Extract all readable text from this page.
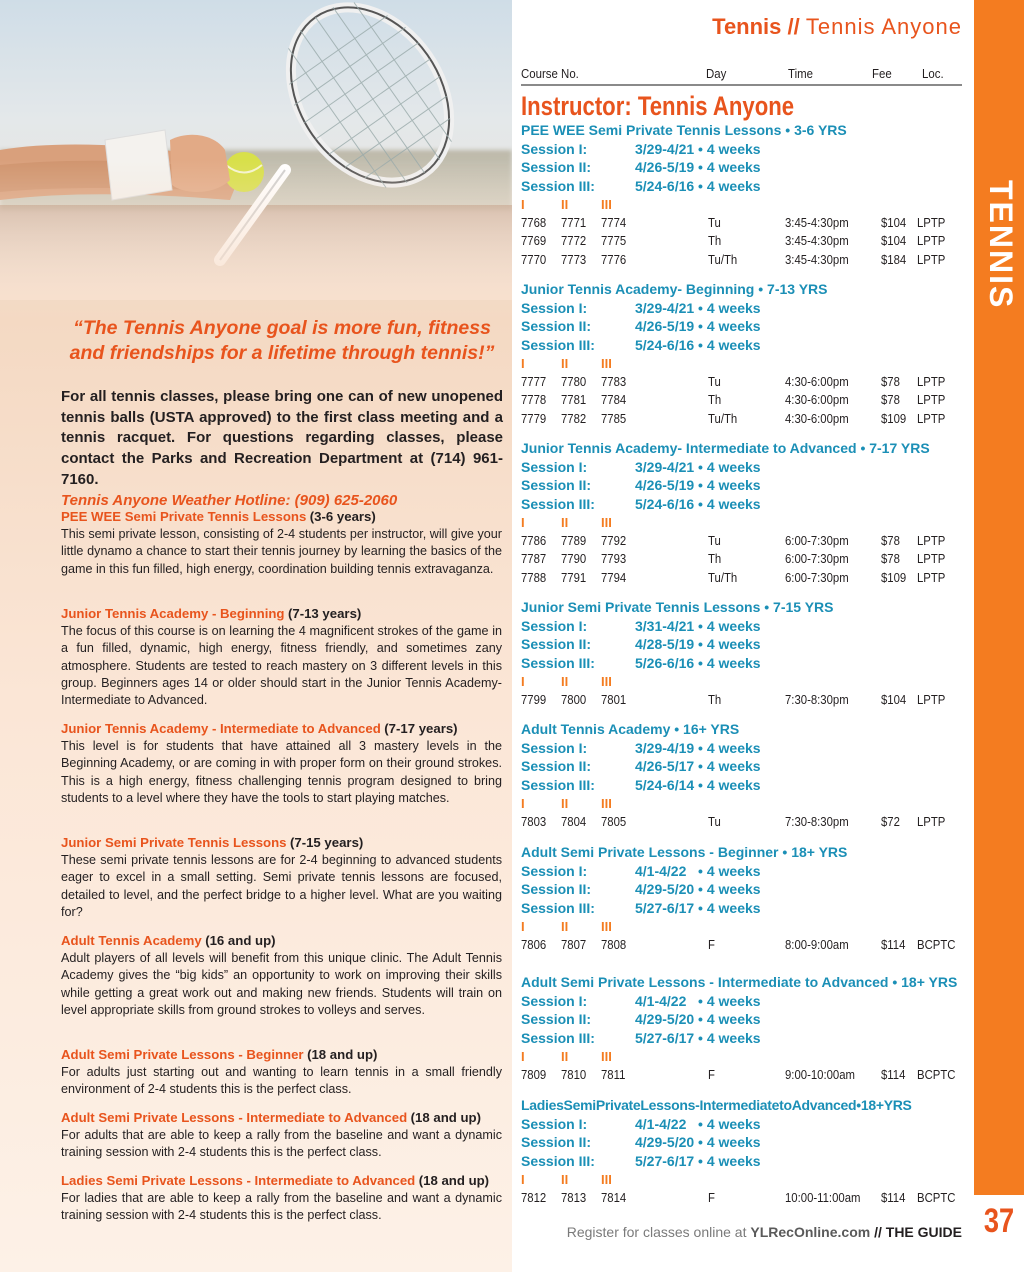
“The Tennis Anyone goal is more fun, fitness and friendships for a lifetime through tennis!”
For all tennis classes, please bring one can of new unopened tennis balls (USTA approved) to the first class meeting and a tennis racquet. For questions regarding classes, please contact the Parks and Recreation Department at (714) 961-7160.
Tennis Anyone Weather Hotline: (909) 625-2060
PEE WEE Semi Private Tennis Lessons (3-6 years)
This semi private lesson, consisting of 2-4 students per instructor, will give your little dynamo a chance to start their tennis journey by learning the basics of the game in this fun filled, high energy, coordination building tennis extravaganza.
Junior Tennis Academy - Beginning (7-13 years)
The focus of this course is on learning the 4 magnificent strokes of the game in a fun filled, dynamic, high energy, fitness friendly, and sometimes zany atmosphere. Students are tested to reach mastery on 3 different levels in this group. Beginners ages 14 or older should start in the Junior Tennis Academy- Intermediate to Advanced.
Junior Tennis Academy - Intermediate to Advanced (7-17 years)
This level is for students that have attained all 3 mastery levels in the Beginning Academy, or are coming in with proper form on their ground strokes. This is a high energy, fitness challenging tennis program designed to bring students to a level where they have the tools to start playing matches.
Junior Semi Private Tennis Lessons (7-15 years)
These semi private tennis lessons are for 2-4 beginning to advanced students eager to excel in a small setting. Semi private tennis lessons are focused, detailed to level, and the perfect bridge to a higher level. What are you waiting for?
Adult Tennis Academy (16 and up)
Adult players of all levels will benefit from this unique clinic. The Adult Tennis Academy gives the “big kids” an opportunity to work on improving their skills while getting a great work out and making new friends. Students will train on level appropriate skills from ground strokes to volleys and serves.
Adult Semi Private Lessons - Beginner (18 and up)
For adults just starting out and wanting to learn tennis in a small friendly environment of 2-4 students this is the perfect class.
Adult Semi Private Lessons - Intermediate to Advanced (18 and up)
For adults that are able to keep a rally from the baseline and want a dynamic training session with 2-4 students this is the perfect class.
Ladies Semi Private Lessons - Intermediate to Advanced (18 and up)
For ladies that are able to keep a rally from the baseline and want a dynamic training session with 2-4 students this is the perfect class.
Tennis // Tennis Anyone
Course No.	Day	Time	Fee Loc.
Instructor: Tennis Anyone
PEE WEE Semi Private Tennis Lessons • 3-6 YRS
Session I:	3/29-4/21 • 4 weeks
Session II:	4/26-5/19 • 4 weeks
Session III:	5/24-6/16 • 4 weeks
I	II	III
7768 7771 7774	Tu	3:45-4:30pm $104 LPTP
7769 7772 7775	Th	3:45-4:30pm $104 LPTP
7770 7773 7776	Tu/Th	3:45-4:30pm $184 LPTP
Junior Tennis Academy- Beginning • 7-13 YRS
Session I:	3/29-4/21 • 4 weeks
Session II:	4/26-5/19 • 4 weeks
Session III:	5/24-6/16 • 4 weeks
I	II	III
7777 7780 7783	Tu	4:30-6:00pm $78 LPTP
7778 7781 7784	Th	4:30-6:00pm $78 LPTP
7779 7782 7785	Tu/Th	4:30-6:00pm $109 LPTP
Junior Tennis Academy- Intermediate to Advanced • 7-17 YRS
Session I:	3/29-4/21 • 4 weeks
Session II:	4/26-5/19 • 4 weeks
Session III:	5/24-6/16 • 4 weeks
I	II	III
7786 7789 7792	Tu	6:00-7:30pm $78 LPTP
7787 7790 7793	Th	6:00-7:30pm $78 LPTP
7788 7791 7794	Tu/Th	6:00-7:30pm $109 LPTP
Junior Semi Private Tennis Lessons • 7-15 YRS
Session I:	3/31-4/21 • 4 weeks
Session II:	4/28-5/19 • 4 weeks
Session III:	5/26-6/16 • 4 weeks
I	II	III
7799 7800 7801	Th	7:30-8:30pm $104 LPTP
Adult Tennis Academy • 16+ YRS
Session I:	3/29-4/19 • 4 weeks
Session II:	4/26-5/17 • 4 weeks
Session III:	5/24-6/14 • 4 weeks
I	II	III
7803 7804 7805	Tu	7:30-8:30pm $72 LPTP
Adult Semi Private Lessons - Beginner • 18+ YRS
Session I:	4/1-4/22   • 4 weeks
Session II:	4/29-5/20 • 4 weeks
Session III:	5/27-6/17 • 4 weeks
I	II	III
7806 7807 7808	F	8:00-9:00am $114 BCPTC
Adult Semi Private Lessons - Intermediate to Advanced • 18+ YRS
Session I:	4/1-4/22   • 4 weeks
Session II:	4/29-5/20 • 4 weeks
Session III:	5/27-6/17 • 4 weeks
I	II	III
7809 7810 7811	F	9:00-10:00am $114 BCPTC
LadiesSemiPrivateLessons-IntermediatetoAdvanced•18+YRS
Session I:	4/1-4/22   • 4 weeks
Session II:	4/29-5/20 • 4 weeks
Session III:	5/27-6/17 • 4 weeks
I	II	III
7812 7813 7814	F	10:00-11:00am $114 BCPTC
TENNIS
37
Register for classes online at YLRecOnline.com // THE GUIDE
